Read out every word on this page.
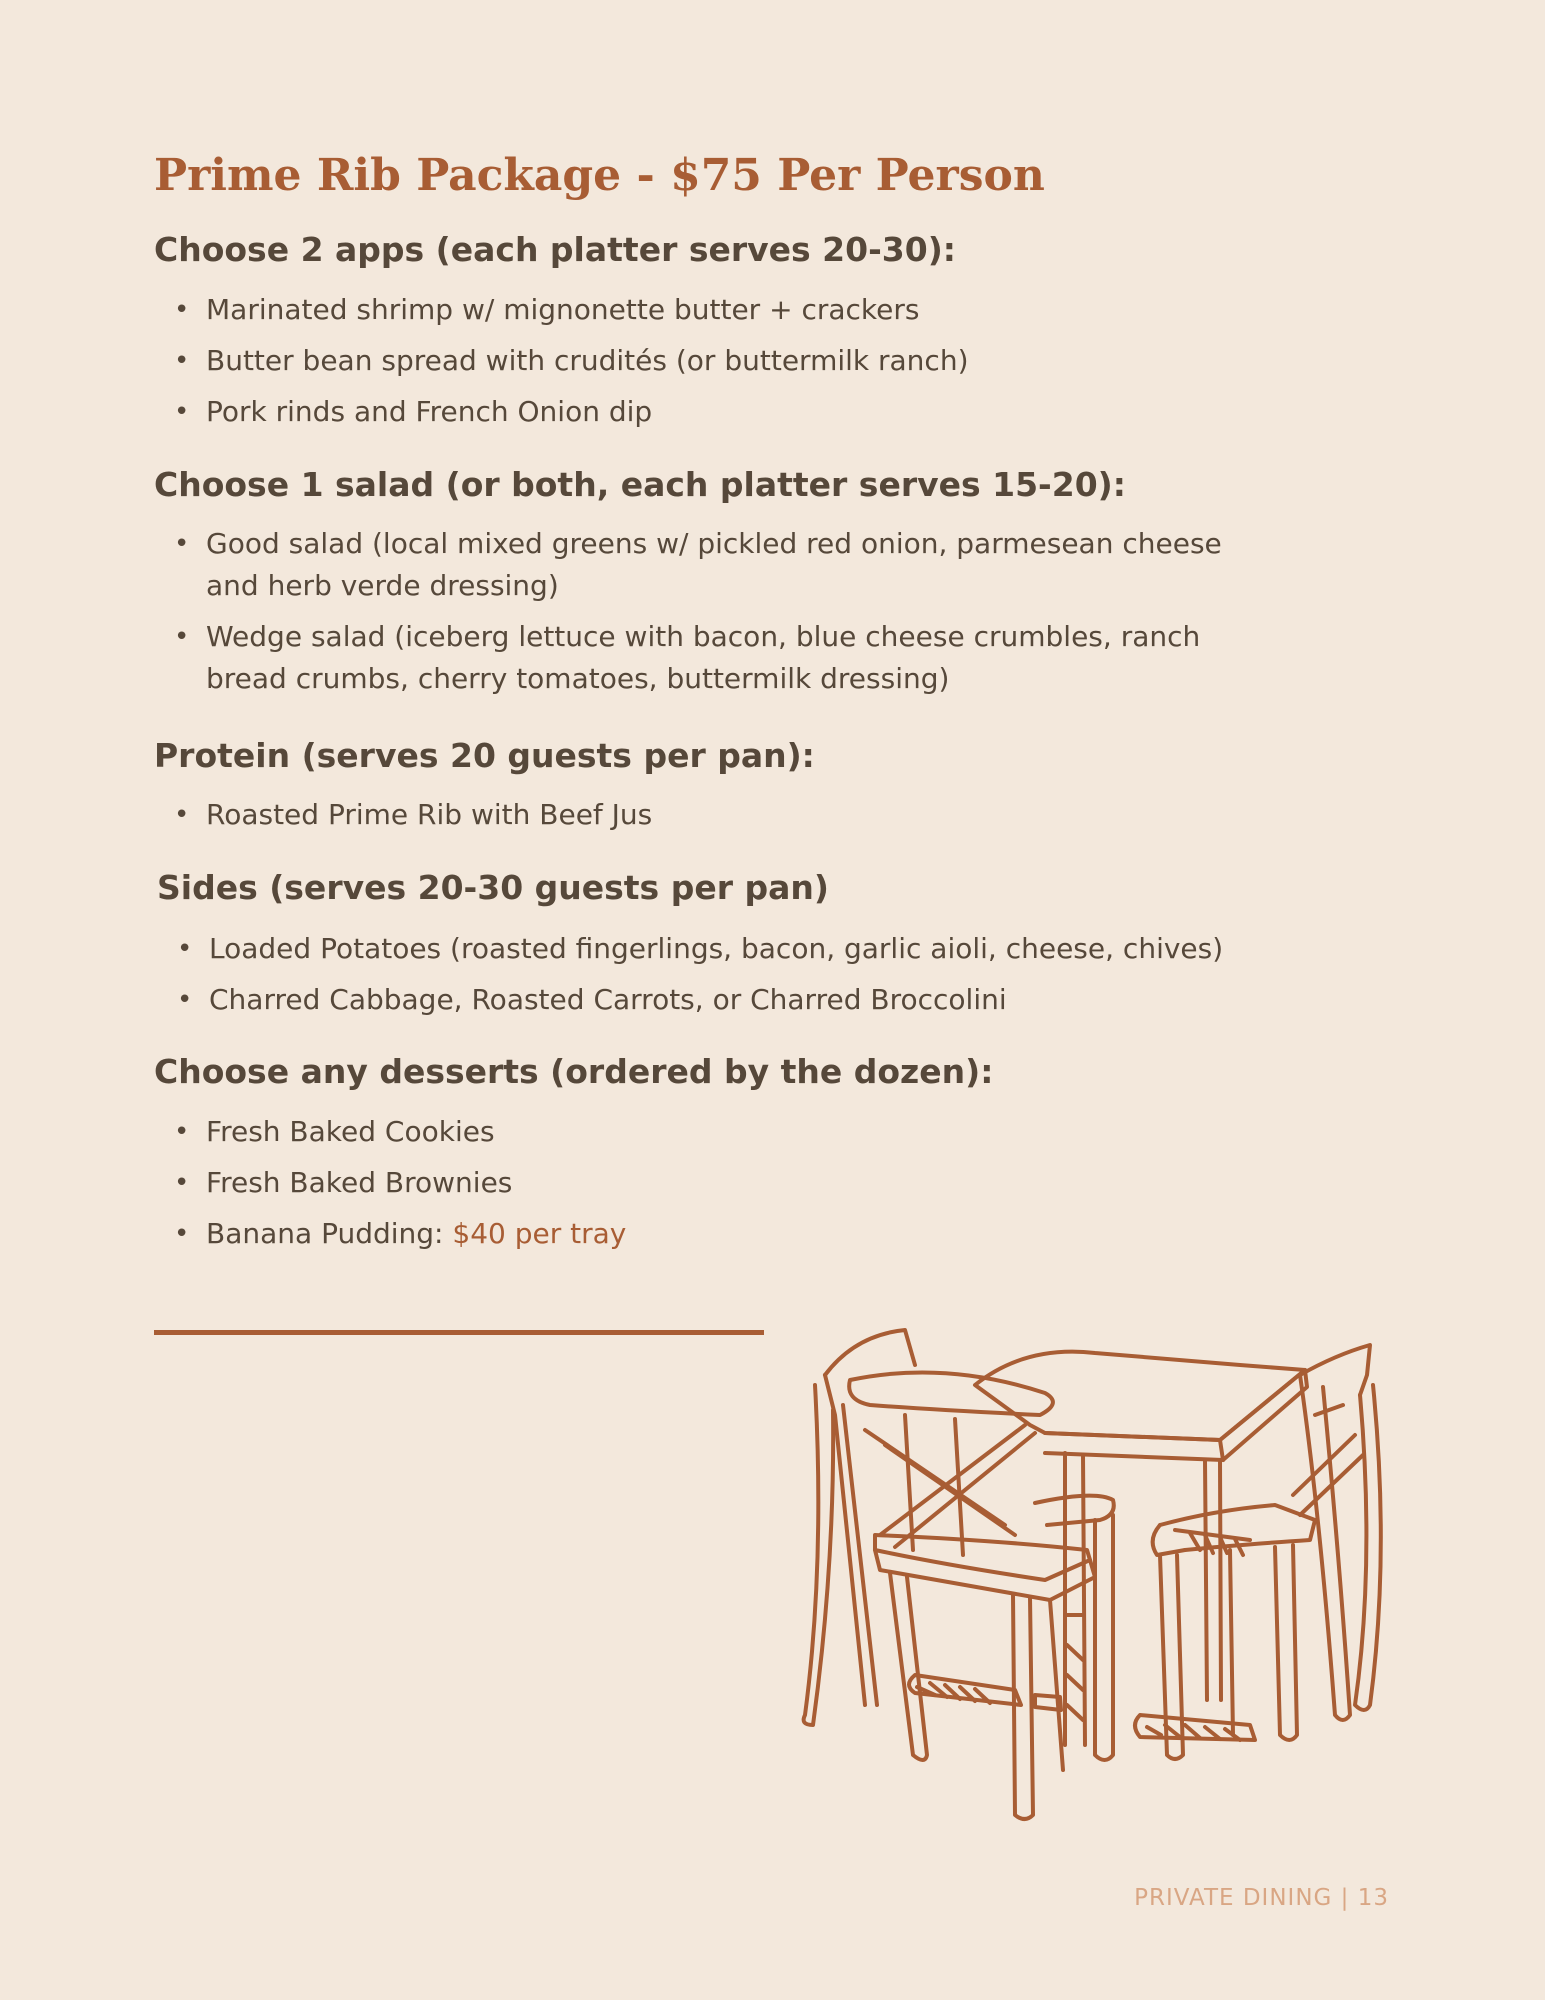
Prime Rib Package - $75 Per Person
Choose 2 apps (each platter serves 20-30):
• Marinated shrimp w/ mignonette butter + crackers
• Butter bean spread with crudités (or buttermilk ranch)
• Pork rinds and French Onion dip
Choose 1 salad (or both, each platter serves 15-20):
• Good salad (local mixed greens w/ pickled red onion, parmesean cheese and herb verde dressing)
• Wedge salad (iceberg lettuce with bacon, blue cheese crumbles, ranch bread crumbs, cherry tomatoes, buttermilk dressing)
Protein (serves 20 guests per pan):
• Roasted Prime Rib with Beef Jus
Sides (serves 20-30 guests per pan)
• Loaded Potatoes (roasted fingerlings, bacon, garlic aioli, cheese, chives)
• Charred Cabbage, Roasted Carrots, or Charred Broccolini
Choose any desserts (ordered by the dozen):
• Fresh Baked Cookies
• Fresh Baked Brownies
• Banana Pudding: $40 per tray
PRIVATE DINING | 13
